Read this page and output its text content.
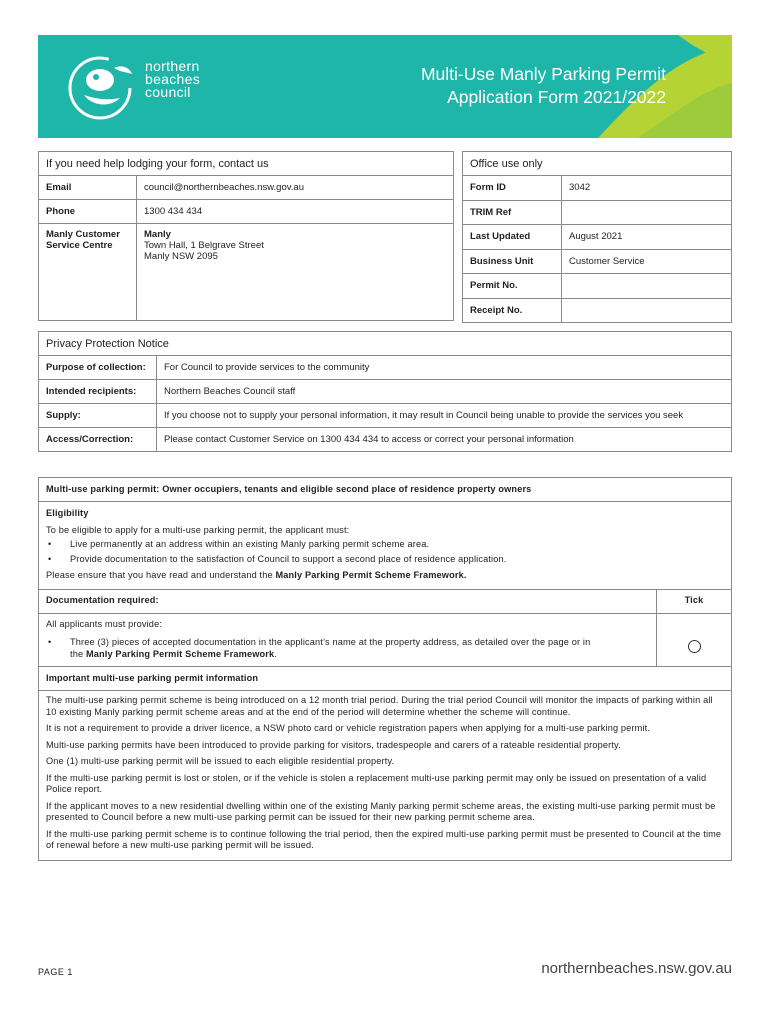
northern
beaches
council
Multi-Use Manly Parking Permit
Application Form 2021/2022
If you need help lodging your form, contact us	
Email	council@northernbeaches.nsw.gov.au
Phone	1300 434 434
Manly Customer Service Centre	Manly
Town Hall, 1 Belgrave Street
Manly NSW 2095
Office use only	
Form ID	3042
TRIM Ref	
Last Updated	August 2021
Business Unit	Customer Service
Permit No.	
Receipt No.	
Privacy Protection Notice	
Purpose of collection:	For Council to provide services to the community
Intended recipients:	Northern Beaches Council staff
Supply:	If you choose not to supply your personal information, it may result in Council being unable to provide the services you seek
Access/Correction:	Please contact Customer Service on 1300 434 434 to access or correct your personal information

Multi-use parking permit: Owner occupiers, tenants and eligible second place of residence property owners

Eligibility

To be eligible to apply for a multi-use parking permit, the applicant must:

• Live permanently at an address within an existing Manly parking permit scheme area.

• Provide documentation to the satisfaction of Council to support a second place of residence application.

Please ensure that you have read and understand the Manly Parking Permit Scheme Framework.

Documentation required:	Tick

All applicants must provide:

• Three (3) pieces of accepted documentation in the applicant’s name at the property address, as detailed over the page or in
the Manly Parking Permit Scheme Framework.

Important multi-use parking permit information

The multi-use parking permit scheme is being introduced on a 12 month trial period. During the trial period Council will monitor the impacts of parking within all 10 existing Manly parking permit scheme areas and at the end of the period will determine whether the scheme will continue.

It is not a requirement to provide a driver licence, a NSW photo card or vehicle registration papers when applying for a multi-use parking permit.

Multi-use parking permits have been introduced to provide parking for visitors, tradespeople and carers of a rateable residential property.

One (1) multi-use parking permit will be issued to each eligible residential property.

If the multi-use parking permit is lost or stolen, or if the vehicle is stolen a replacement multi-use parking permit may only be issued on presentation of a valid Police report.

If the applicant moves to a new residential dwelling within one of the existing Manly parking permit scheme areas, the existing multi-use parking permit must be presented to Council before a new multi-use parking permit can be issued for their new parking permit scheme area.

If the multi-use parking permit scheme is to continue following the trial period, then the expired multi-use parking permit must be presented to Council at the time of renewal before a new multi-use parking permit will be issued.

PAGE 1	northernbeaches.nsw.gov.au
